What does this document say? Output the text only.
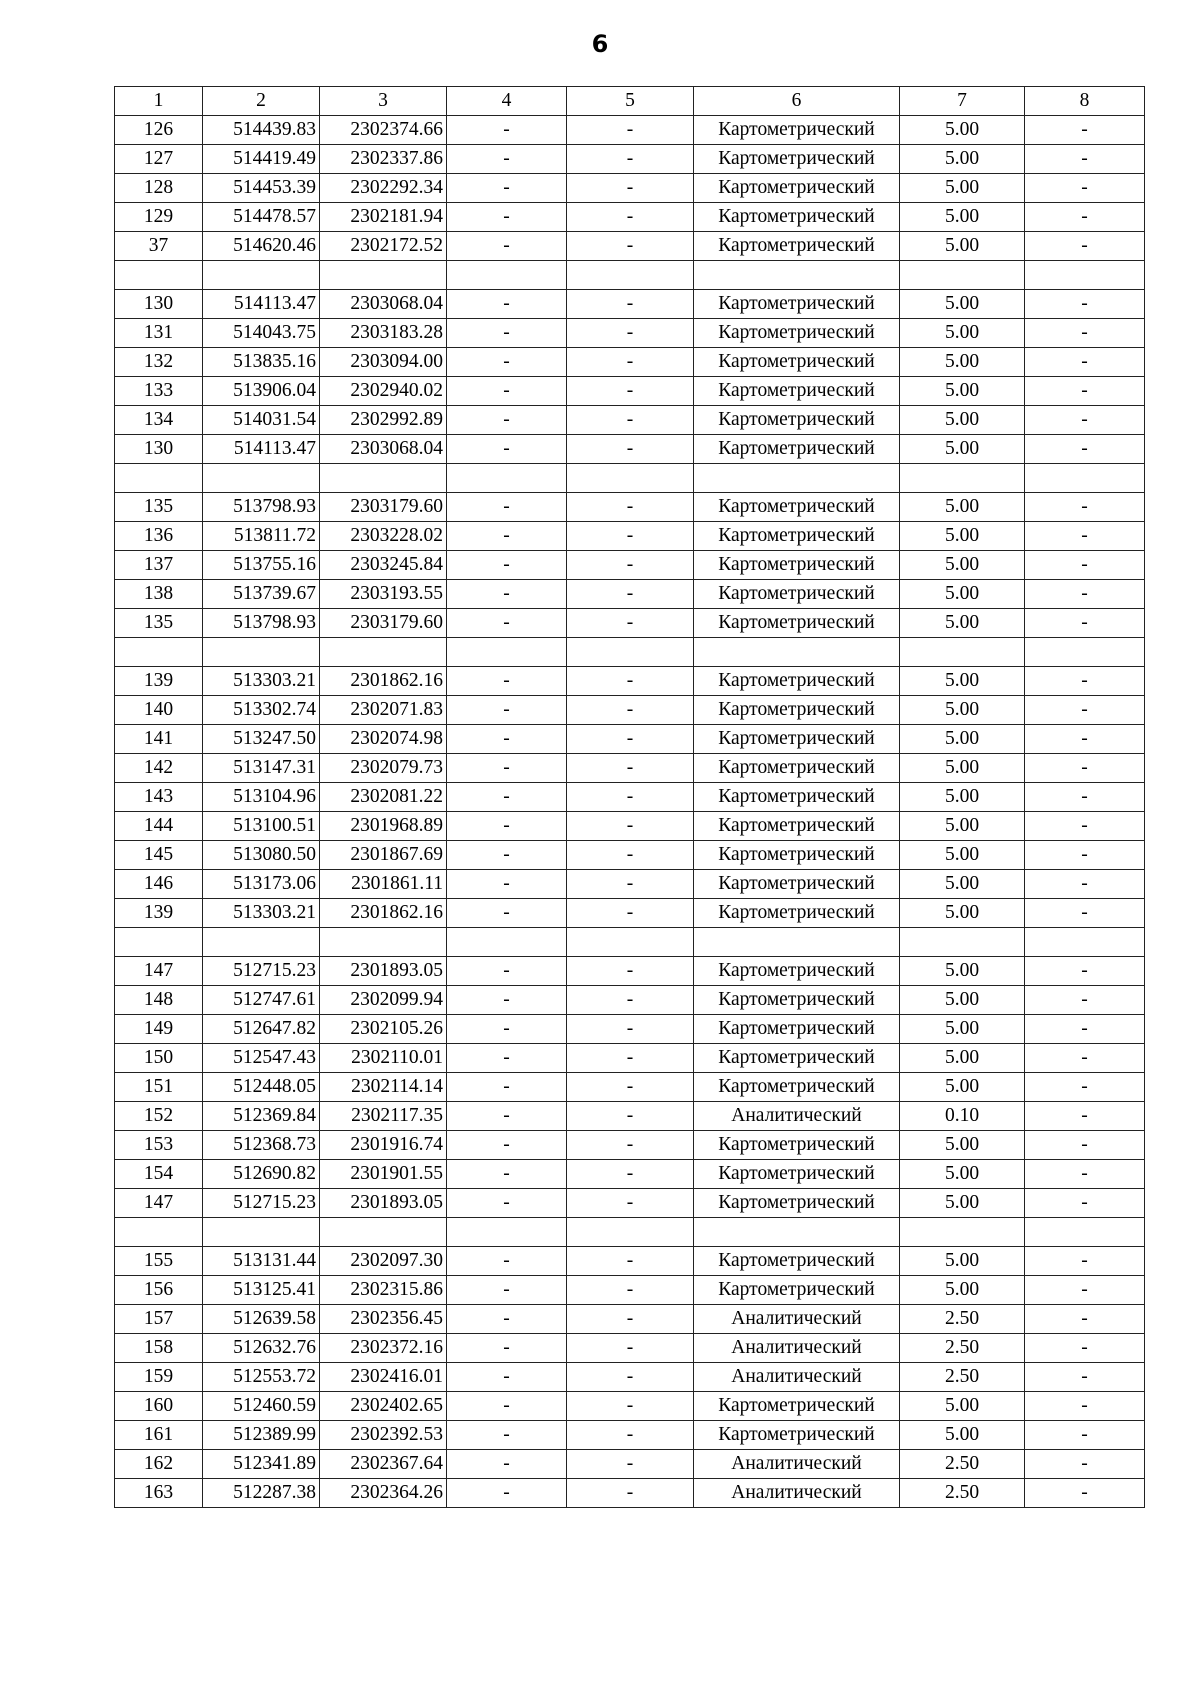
6
1	2	3	4	5	6	7	8
126	514439.83	2302374.66	-	-	Картометрический	5.00	-
127	514419.49	2302337.86	-	-	Картометрический	5.00	-
128	514453.39	2302292.34	-	-	Картометрический	5.00	-
129	514478.57	2302181.94	-	-	Картометрический	5.00	-
37	514620.46	2302172.52	-	-	Картометрический	5.00	-

130	514113.47	2303068.04	-	-	Картометрический	5.00	-
131	514043.75	2303183.28	-	-	Картометрический	5.00	-
132	513835.16	2303094.00	-	-	Картометрический	5.00	-
133	513906.04	2302940.02	-	-	Картометрический	5.00	-
134	514031.54	2302992.89	-	-	Картометрический	5.00	-
130	514113.47	2303068.04	-	-	Картометрический	5.00	-

135	513798.93	2303179.60	-	-	Картометрический	5.00	-
136	513811.72	2303228.02	-	-	Картометрический	5.00	-
137	513755.16	2303245.84	-	-	Картометрический	5.00	-
138	513739.67	2303193.55	-	-	Картометрический	5.00	-
135	513798.93	2303179.60	-	-	Картометрический	5.00	-

139	513303.21	2301862.16	-	-	Картометрический	5.00	-
140	513302.74	2302071.83	-	-	Картометрический	5.00	-
141	513247.50	2302074.98	-	-	Картометрический	5.00	-
142	513147.31	2302079.73	-	-	Картометрический	5.00	-
143	513104.96	2302081.22	-	-	Картометрический	5.00	-
144	513100.51	2301968.89	-	-	Картометрический	5.00	-
145	513080.50	2301867.69	-	-	Картометрический	5.00	-
146	513173.06	2301861.11	-	-	Картометрический	5.00	-
139	513303.21	2301862.16	-	-	Картометрический	5.00	-

147	512715.23	2301893.05	-	-	Картометрический	5.00	-
148	512747.61	2302099.94	-	-	Картометрический	5.00	-
149	512647.82	2302105.26	-	-	Картометрический	5.00	-
150	512547.43	2302110.01	-	-	Картометрический	5.00	-
151	512448.05	2302114.14	-	-	Картометрический	5.00	-
152	512369.84	2302117.35	-	-	Аналитический	0.10	-
153	512368.73	2301916.74	-	-	Картометрический	5.00	-
154	512690.82	2301901.55	-	-	Картометрический	5.00	-
147	512715.23	2301893.05	-	-	Картометрический	5.00	-

155	513131.44	2302097.30	-	-	Картометрический	5.00	-
156	513125.41	2302315.86	-	-	Картометрический	5.00	-
157	512639.58	2302356.45	-	-	Аналитический	2.50	-
158	512632.76	2302372.16	-	-	Аналитический	2.50	-
159	512553.72	2302416.01	-	-	Аналитический	2.50	-
160	512460.59	2302402.65	-	-	Картометрический	5.00	-
161	512389.99	2302392.53	-	-	Картометрический	5.00	-
162	512341.89	2302367.64	-	-	Аналитический	2.50	-
163	512287.38	2302364.26	-	-	Аналитический	2.50	-
